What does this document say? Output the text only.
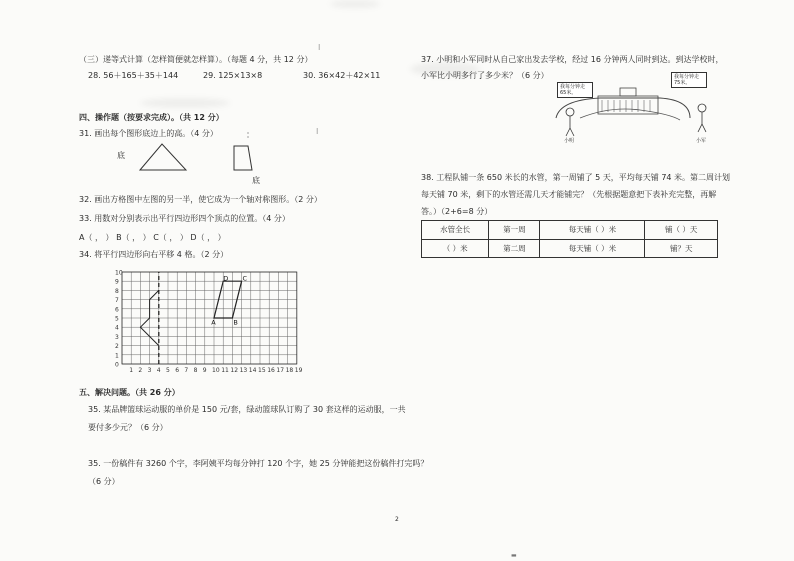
I
I
▬
（三）递等式计算（怎样简便就怎样算）。（每题 4 分，共 12 分）
28. 56＋165＋35＋144	29. 125×13×8	30. 36×42＋42×11
四、操作题（按要求完成）。（共 12 分）
31. 画出每个图形底边上的高。（4 分）
底
底
32. 画出方格图中左图的另一半，使它成为一个轴对称图形。（2 分）
33. 用数对分别表示出平行四边形四个顶点的位置。（4 分）
A（ ， ） B（ ， ） C（ ， ） D（ ， ）
34. 将平行四边形向右平移 4 格。（2 分）
10
9
8
7
6
5
4
3
2
1
0
1 2 3 4 5 6 7 8 9 10 11 12 13 14 15 16 17 18 19
A	B
C
D
五、解决问题。（共 26 分）
35. 某品牌篮球运动服的单价是 150 元/套，绿动篮球队订购了 30 套这样的运动服，一共
要付多少元？（6 分）
35. 一份稿件有 3260 个字，李阿姨平均每分钟打 120 个字，她 25 分钟能把这份稿件打完吗？
（6 分）
37. 小明和小军同时从自己家出发去学校，经过 16 分钟两人同时到达。到达学校时，
小军比小明多行了多少米？（6 分）
我每分钟走65米。
我每分钟走75米。
小明	小军
38. 工程队铺一条 650 米长的水管，第一周铺了 5 天，平均每天铺 74 米。第二周计划
每天铺 70 米，剩下的水管还需几天才能铺完？（先根据题意把下表补充完整，再解
答。）（2+6=8 分）
水管全长	第一周	每天铺（ ）米	铺（ ）天
（ ）米	第二周	每天铺（ ）米	铺？天
2
